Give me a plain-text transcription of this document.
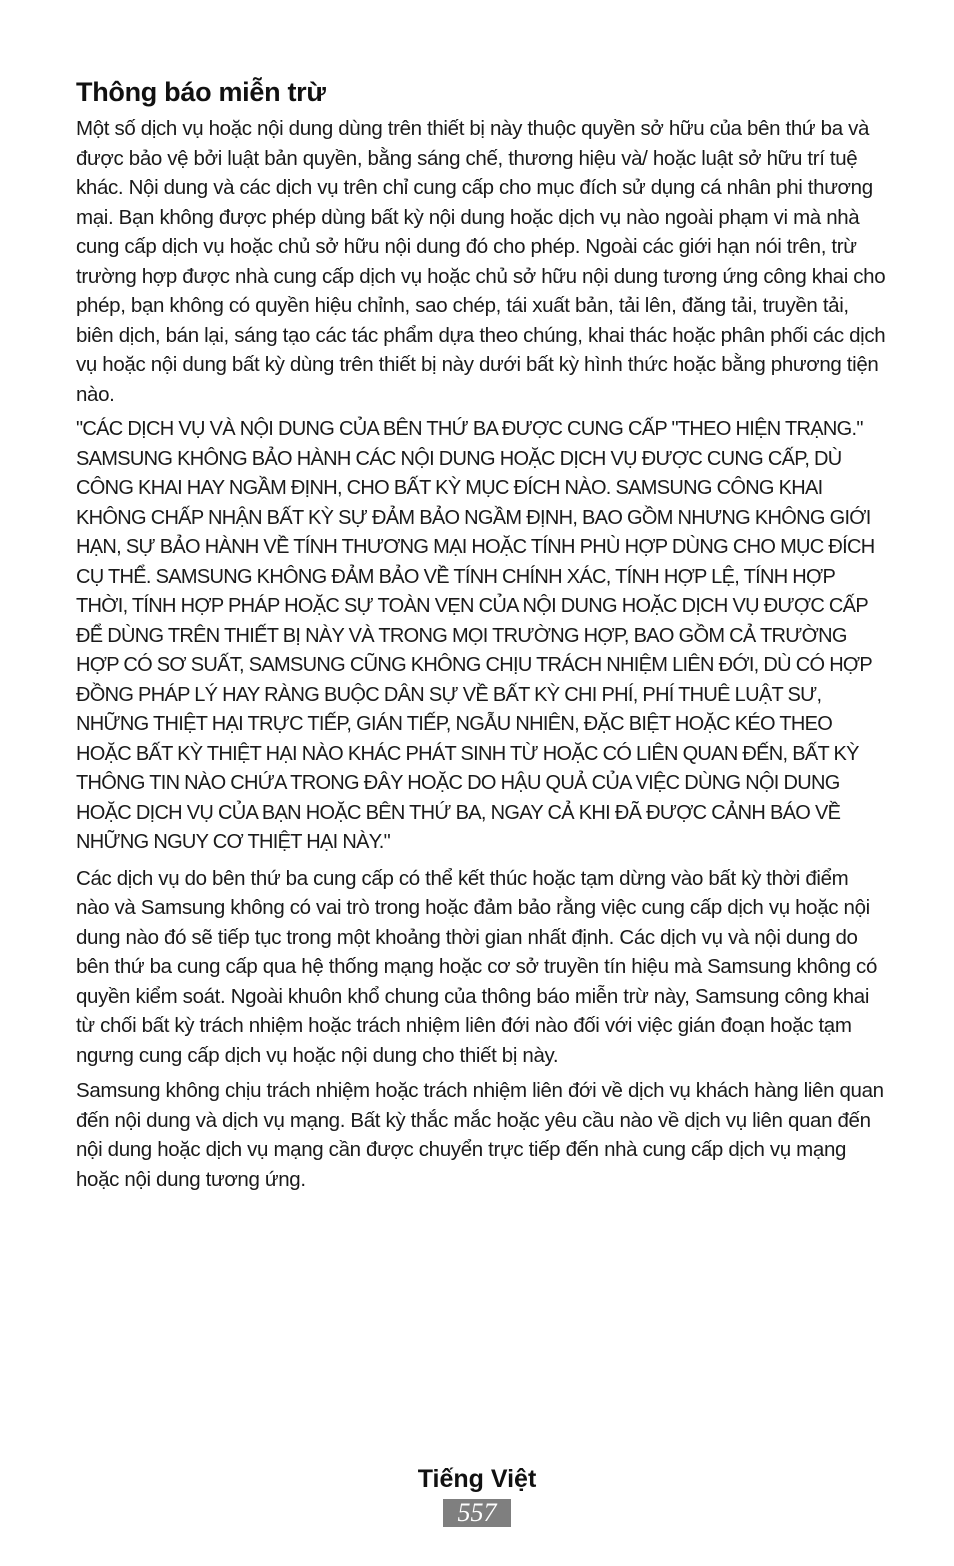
Thông báo miễn trừ

Một số dịch vụ hoặc nội dung dùng trên thiết bị này thuộc quyền sở hữu của bên thứ ba và được bảo vệ bởi luật bản quyền, bằng sáng chế, thương hiệu và/ hoặc luật sở hữu trí tuệ khác. Nội dung và các dịch vụ trên chỉ cung cấp cho mục đích sử dụng cá nhân phi thương mại. Bạn không được phép dùng bất kỳ nội dung hoặc dịch vụ nào ngoài phạm vi mà nhà cung cấp dịch vụ hoặc chủ sở hữu nội dung đó cho phép. Ngoài các giới hạn nói trên, trừ trường hợp được nhà cung cấp dịch vụ hoặc chủ sở hữu nội dung tương ứng công khai cho phép, bạn không có quyền hiệu chỉnh, sao chép, tái xuất bản, tải lên, đăng tải, truyền tải, biên dịch, bán lại, sáng tạo các tác phẩm dựa theo chúng, khai thác hoặc phân phối các dịch vụ hoặc nội dung bất kỳ dùng trên thiết bị này dưới bất kỳ hình thức hoặc bằng phương tiện nào.

"CÁC DỊCH VỤ VÀ NỘI DUNG CỦA BÊN THỨ BA ĐƯỢC CUNG CẤP "THEO HIỆN TRẠNG." SAMSUNG KHÔNG BẢO HÀNH CÁC NỘI DUNG HOẶC DỊCH VỤ ĐƯỢC CUNG CẤP, DÙ CÔNG KHAI HAY NGẦM ĐỊNH, CHO BẤT KỲ MỤC ĐÍCH NÀO. SAMSUNG CÔNG KHAI KHÔNG CHẤP NHẬN BẤT KỲ SỰ ĐẢM BẢO NGẦM ĐỊNH, BAO GỒM NHƯNG KHÔNG GIỚI HẠN, SỰ BẢO HÀNH VỀ TÍNH THƯƠNG MẠI HOẶC TÍNH PHÙ HỢP DÙNG CHO MỤC ĐÍCH CỤ THỂ. SAMSUNG KHÔNG ĐẢM BẢO VỀ TÍNH CHÍNH XÁC, TÍNH HỢP LỆ, TÍNH HỢP THỜI, TÍNH HỢP PHÁP HOẶC SỰ TOÀN VẸN CỦA NỘI DUNG HOẶC DỊCH VỤ ĐƯỢC CẤP ĐỂ DÙNG TRÊN THIẾT BỊ NÀY VÀ TRONG MỌI TRƯỜNG HỢP, BAO GỒM CẢ TRƯỜNG HỢP CÓ SƠ SUẤT, SAMSUNG CŨNG KHÔNG CHỊU TRÁCH NHIỆM LIÊN ĐỚI, DÙ CÓ HỢP ĐỒNG PHÁP LÝ HAY RÀNG BUỘC DÂN SỰ VỀ BẤT KỲ CHI PHÍ, PHÍ THUÊ LUẬT SƯ, NHỮNG THIỆT HẠI TRỰC TIẾP, GIÁN TIẾP, NGẪU NHIÊN, ĐẶC BIỆT HOẶC KÉO THEO HOẶC BẤT KỲ THIỆT HẠI NÀO KHÁC PHÁT SINH TỪ HOẶC CÓ LIÊN QUAN ĐẾN, BẤT KỲ THÔNG TIN NÀO CHỨA TRONG ĐÂY HOẶC DO HẬU QUẢ CỦA VIỆC DÙNG NỘI DUNG HOẶC DỊCH VỤ CỦA BẠN HOẶC BÊN THỨ BA, NGAY CẢ KHI ĐÃ ĐƯỢC CẢNH BÁO VỀ NHỮNG NGUY CƠ THIỆT HẠI NÀY."

Các dịch vụ do bên thứ ba cung cấp có thể kết thúc hoặc tạm dừng vào bất kỳ thời điểm nào và Samsung không có vai trò trong hoặc đảm bảo rằng việc cung cấp dịch vụ hoặc nội dung nào đó sẽ tiếp tục trong một khoảng thời gian nhất định. Các dịch vụ và nội dung do bên thứ ba cung cấp qua hệ thống mạng hoặc cơ sở truyền tín hiệu mà Samsung không có quyền kiểm soát. Ngoài khuôn khổ chung của thông báo miễn trừ này, Samsung công khai từ chối bất kỳ trách nhiệm hoặc trách nhiệm liên đới nào đối với việc gián đoạn hoặc tạm ngưng cung cấp dịch vụ hoặc nội dung cho thiết bị này.

Samsung không chịu trách nhiệm hoặc trách nhiệm liên đới về dịch vụ khách hàng liên quan đến nội dung và dịch vụ mạng. Bất kỳ thắc mắc hoặc yêu cầu nào về dịch vụ liên quan đến nội dung hoặc dịch vụ mạng cần được chuyển trực tiếp đến nhà cung cấp dịch vụ mạng hoặc nội dung tương ứng.

Tiếng Việt
557
